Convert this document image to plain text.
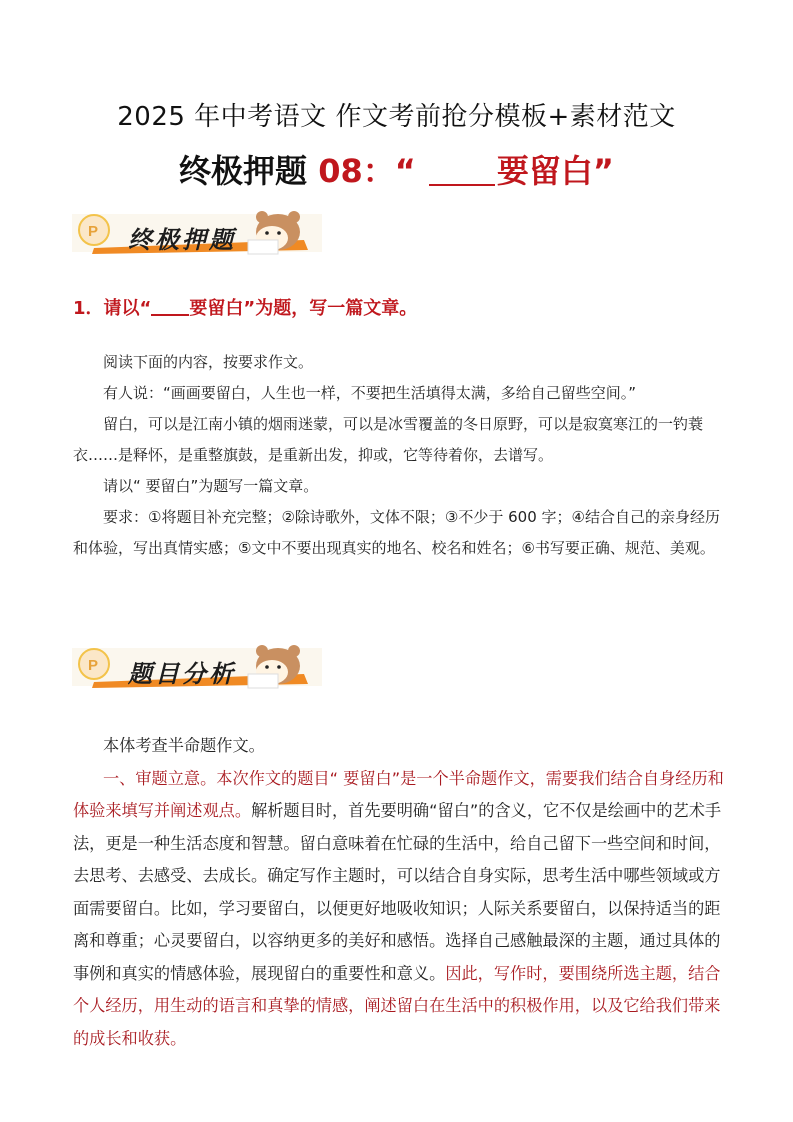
2025 年中考语文 作文考前抢分模板+素材范文
终极押题 08：“ 要留白”
P 终极押题
1．请以“ 要留白”为题，写一篇文章。

阅读下面的内容，按要求作文。

有人说：“画画要留白，人生也一样，不要把生活填得太满，多给自己留些空间。”

留白，可以是江南小镇的烟雨迷蒙，可以是冰雪覆盖的冬日原野，可以是寂寞寒江的一钓蓑衣……是释怀，是重整旗鼓，是重新出发，抑或，它等待着你，去谱写。

请以“ 要留白”为题写一篇文章。

要求：①将题目补充完整；②除诗歌外，文体不限；③不少于 600 字；④结合自己的亲身经历和体验，写出真情实感；⑤文中不要出现真实的地名、校名和姓名；⑥书写要正确、规范、美观。

P 题目分析

本体考查半命题作文。

一、审题立意。本次作文的题目“ 要留白”是一个半命题作文，需要我们结合自身经历和体验来填写并阐述观点。解析题目时，首先要明确“留白”的含义，它不仅是绘画中的艺术手法，更是一种生活态度和智慧。留白意味着在忙碌的生活中，给自己留下一些空间和时间，去思考、去感受、去成长。确定写作主题时，可以结合自身实际，思考生活中哪些领域或方面需要留白。比如，学习要留白，以便更好地吸收知识；人际关系要留白，以保持适当的距离和尊重；心灵要留白，以容纳更多的美好和感悟。选择自己感触最深的主题，通过具体的事例和真实的情感体验，展现留白的重要性和意义。因此，写作时，要围绕所选主题，结合个人经历，用生动的语言和真挚的情感，阐述留白在生活中的积极作用，以及它给我们带来的成长和收获。
